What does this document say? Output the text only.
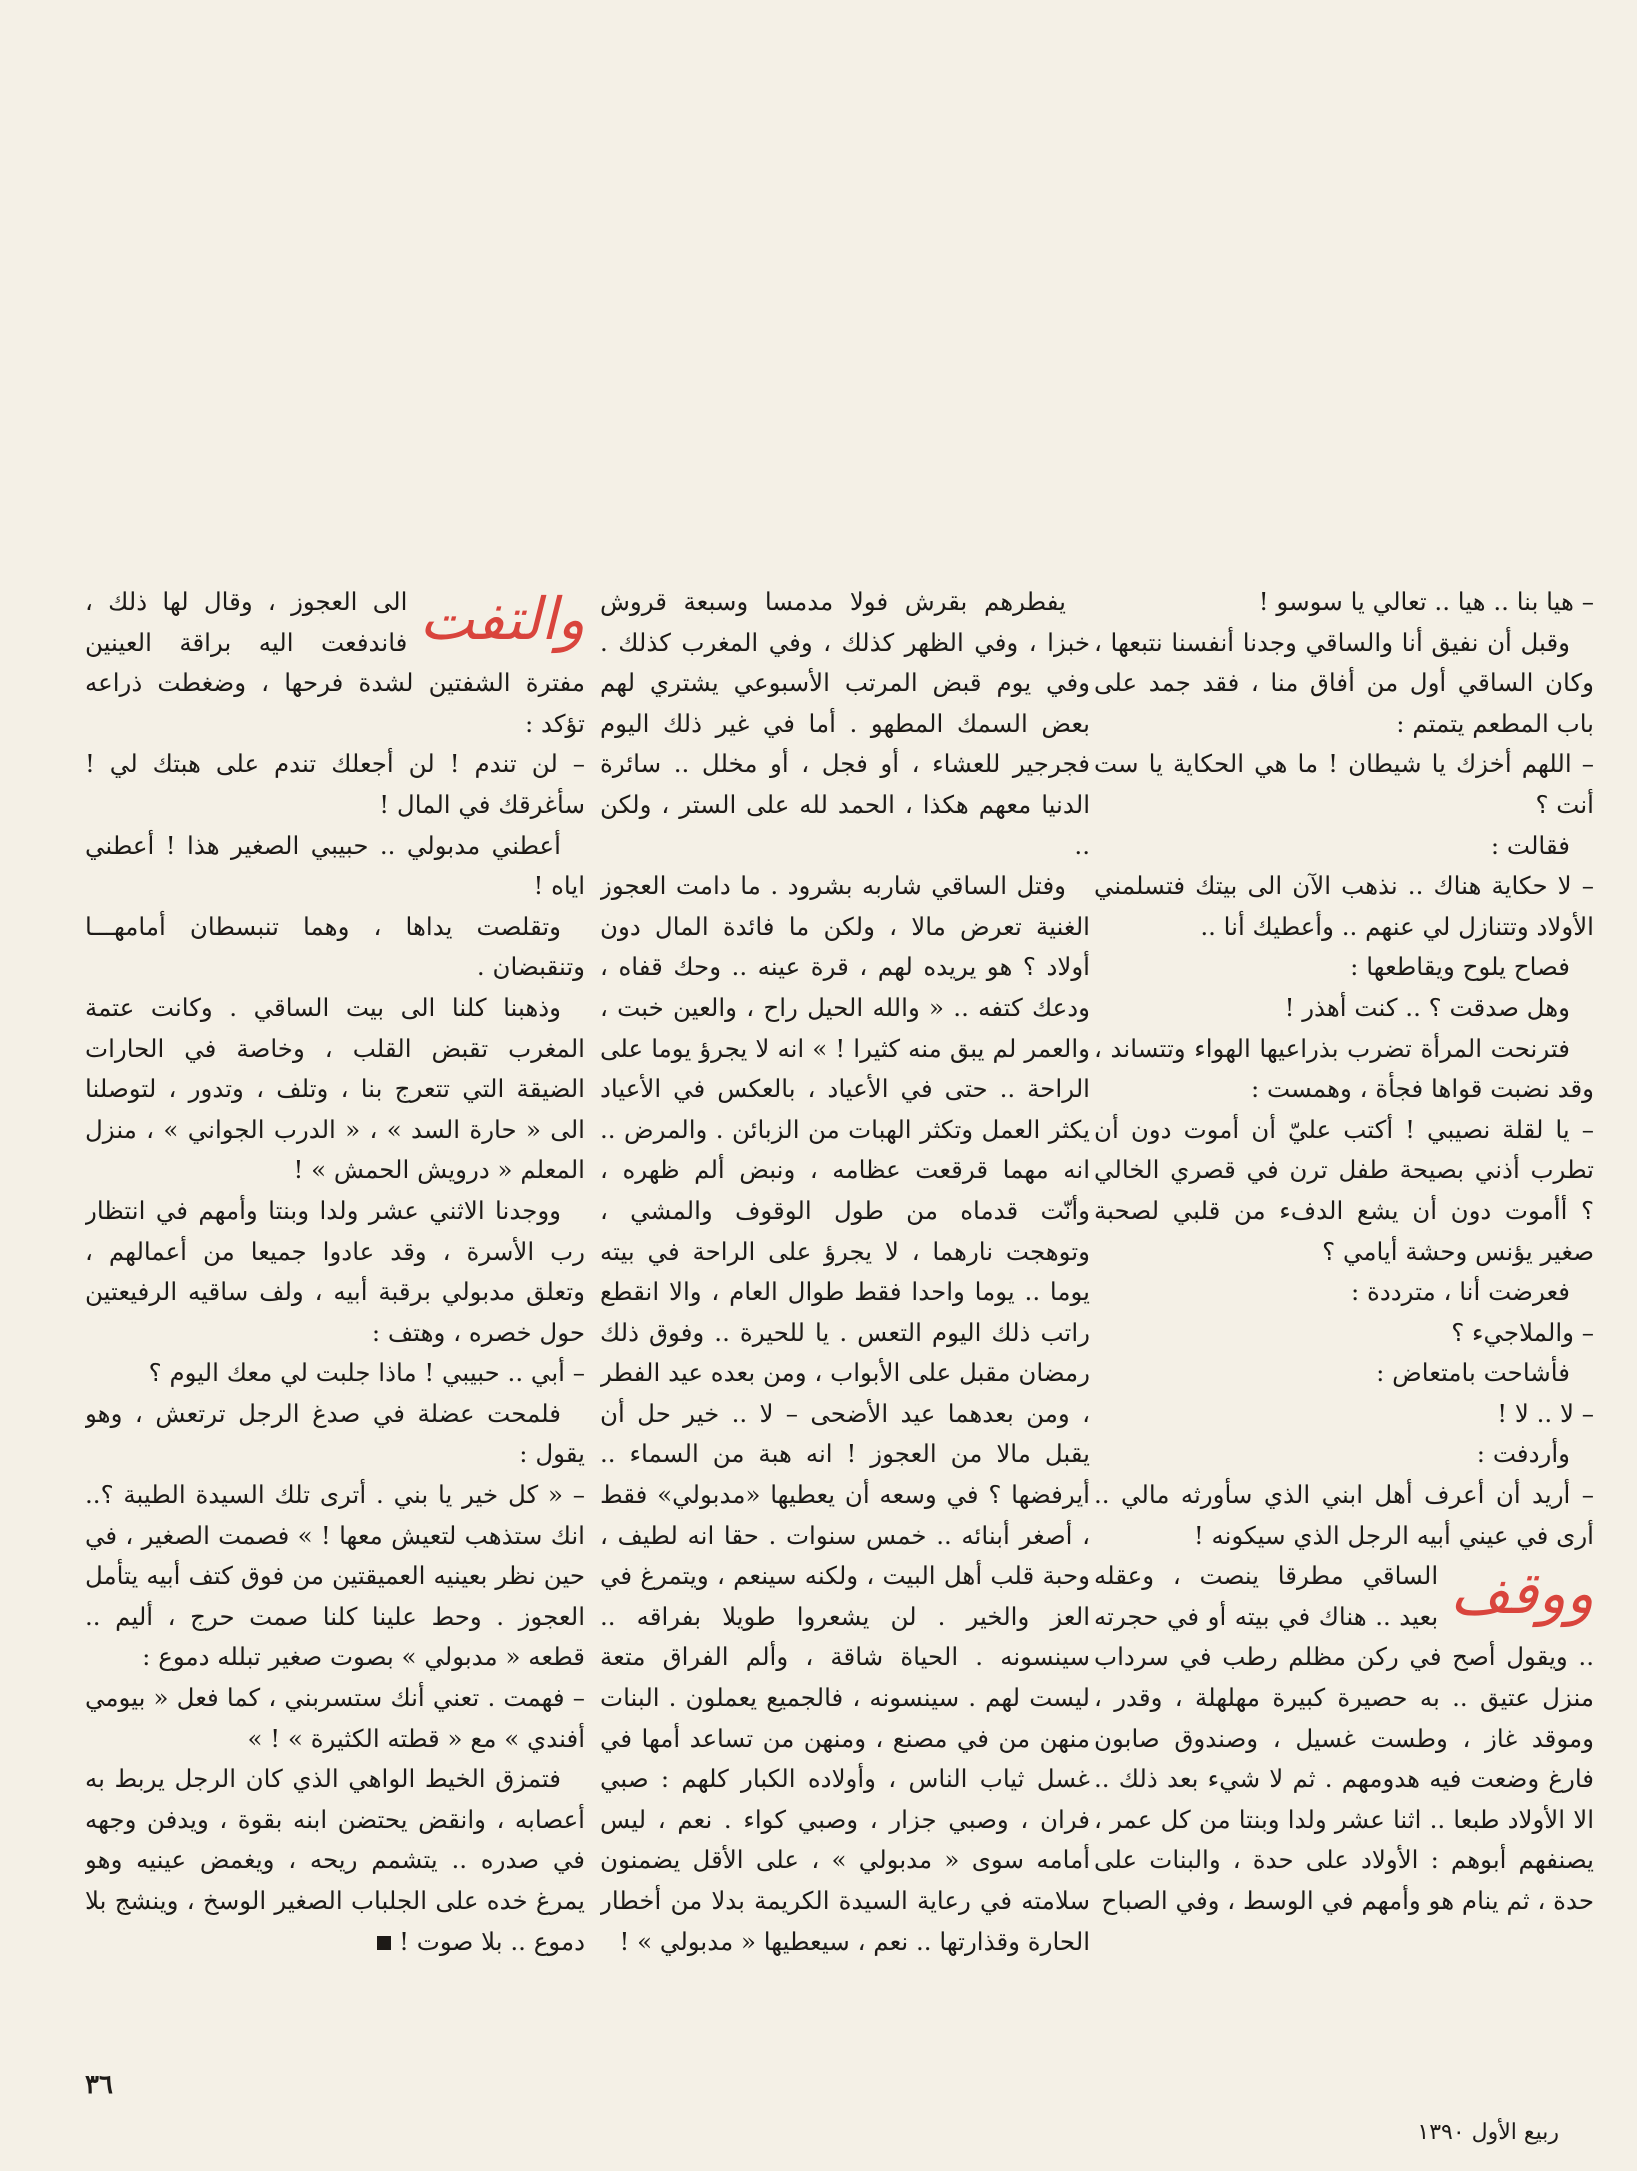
– هيا بنا .. هيا .. تعالي يا سوسو !

وقبل أن نفيق أنا والساقي وجدنا أنفسنا نتبعها ، وكان الساقي أول من أفاق منا ، فقد جمد على باب المطعم يتمتم :

– اللهم أخزك يا شيطان ! ما هي الحكاية يا ست أنت ؟

فقالت :

– لا حكاية هناك .. نذهب الآن الى بيتك فتسلمني الأولاد وتتنازل لي عنهم .. وأعطيك أنا ..

فصاح يلوح ويقاطعها :

وهل صدقت ؟ .. كنت أهذر !

فترنحت المرأة تضرب بذراعيها الهواء وتتساند ، وقد نضبت قواها فجأة ، وهمست :

– يا لقلة نصيبي ! أكتب عليّ أن أموت دون أن تطرب أذني بصيحة طفل ترن في قصري الخالي ؟ أأموت دون أن يشع الدفء من قلبي لصحبة صغير يؤنس وحشة أيامي ؟

فعرضت أنا ، مترددة :

– والملاجيء ؟

فأشاحت بامتعاض :

– لا .. لا !

وأردفت :

– أريد أن أعرف أهل ابني الذي سأورثه مالي .. أرى في عيني أبيه الرجل الذي سيكونه !

ووقف
الساقي مطرقا ينصت ، وعقله بعيد .. هناك في بيته أو في حجرته .. ويقول أصح في ركن مظلم رطب في سرداب منزل عتيق .. به حصيرة كبيرة مهلهلة ، وقدر ، وموقد غاز ، وطست غسيل ، وصندوق صابون فارغ وضعت فيه هدومهم . ثم لا شيء بعد ذلك .. الا الأولاد طبعا .. اثنا عشر ولدا وبنتا من كل عمر ، يصنفهم أبوهم : الأولاد على حدة ، والبنات على حدة ، ثم ينام هو وأمهم في الوسط ، وفي الصباح

يفطرهم بقرش فولا مدمسا وسبعة قروش خبزا ، وفي الظهر كذلك ، وفي المغرب كذلك . وفي يوم قبض المرتب الأسبوعي يشتري لهم بعض السمك المطهو . أما في غير ذلك اليوم فجرجير للعشاء ، أو فجل ، أو مخلل .. سائرة الدنيا معهم هكذا ، الحمد لله على الستر ، ولكن ..

وفتل الساقي شاربه بشرود . ما دامت العجوز الغنية تعرض مالا ، ولكن ما فائدة المال دون أولاد ؟ هو يريده لهم ، قرة عينه .. وحك قفاه ، ودعك كتفه .. « والله الحيل راح ، والعين خبت ، والعمر لم يبق منه كثيرا ! » انه لا يجرؤ يوما على الراحة .. حتى في الأعياد ، بالعكس في الأعياد يكثر العمل وتكثر الهبات من الزبائن . والمرض .. انه مهما قرقعت عظامه ، ونبض ألم ظهره ، وأنّت قدماه من طول الوقوف والمشي ، وتوهجت نارهما ، لا يجرؤ على الراحة في بيته يوما .. يوما واحدا فقط طوال العام ، والا انقطع راتب ذلك اليوم التعس . يا للحيرة .. وفوق ذلك رمضان مقبل على الأبواب ، ومن بعده عيد الفطر ، ومن بعدهما عيد الأضحى – لا .. خير حل أن يقبل مالا من العجوز ! انه هبة من السماء .. أيرفضها ؟ في وسعه أن يعطيها «مدبولي» فقط ، أصغر أبنائه .. خمس سنوات . حقا انه لطيف ، وحبة قلب أهل البيت ، ولكنه سينعم ، ويتمرغ في العز والخير . لن يشعروا طويلا بفراقه .. سينسونه . الحياة شاقة ، وألم الفراق متعة ليست لهم . سينسونه ، فالجميع يعملون . البنات منهن من في مصنع ، ومنهن من تساعد أمها في غسل ثياب الناس ، وأولاده الكبار كلهم : صبي فران ، وصبي جزار ، وصبي كواء . نعم ، ليس أمامه سوى « مدبولي » ، على الأقل يضمنون سلامته في رعاية السيدة الكريمة بدلا من أخطار الحارة وقذارتها .. نعم ، سيعطيها « مدبولي » !

والتفت
الى العجوز ، وقال لها ذلك ، فاندفعت اليه براقة العينين مفترة الشفتين لشدة فرحها ، وضغطت ذراعه تؤكد :

– لن تندم ! لن أجعلك تندم على هبتك لي ! سأغرقك في المال !

أعطني مدبولي .. حبيبي الصغير هذا ! أعطني اياه !

وتقلصت يداها ، وهما تنبسطان أمامهـــا وتنقبضان .

وذهبنا كلنا الى بيت الساقي . وكانت عتمة المغرب تقبض القلب ، وخاصة في الحارات الضيقة التي تتعرج بنا ، وتلف ، وتدور ، لتوصلنا الى « حارة السد » ، « الدرب الجواني » ، منزل المعلم « درويش الحمش » !

ووجدنا الاثني عشر ولدا وبنتا وأمهم في انتظار رب الأسرة ، وقد عادوا جميعا من أعمالهم ، وتعلق مدبولي برقبة أبيه ، ولف ساقيه الرفيعتين حول خصره ، وهتف :

– أبي .. حبيبي ! ماذا جلبت لي معك اليوم ؟

فلمحت عضلة في صدغ الرجل ترتعش ، وهو يقول :

– « كل خير يا بني . أترى تلك السيدة الطيبة ؟.. انك ستذهب لتعيش معها ! » فصمت الصغير ، في حين نظر بعينيه العميقتين من فوق كتف أبيه يتأمل العجوز . وحط علينا كلنا صمت حرج ، أليم .. قطعه « مدبولي » بصوت صغير تبلله دموع :

– فهمت . تعني أنك ستسربني ، كما فعل « بيومي أفندي » مع « قطته الكثيرة » ! »

فتمزق الخيط الواهي الذي كان الرجل يربط به أعصابه ، وانقض يحتضن ابنه بقوة ، ويدفن وجهه في صدره .. يتشمم ريحه ، ويغمض عينيه وهو يمرغ خده على الجلباب الصغير الوسخ ، وينشج بلا دموع .. بلا صوت !

٣٦
ربيع الأول ١٣٩٠
